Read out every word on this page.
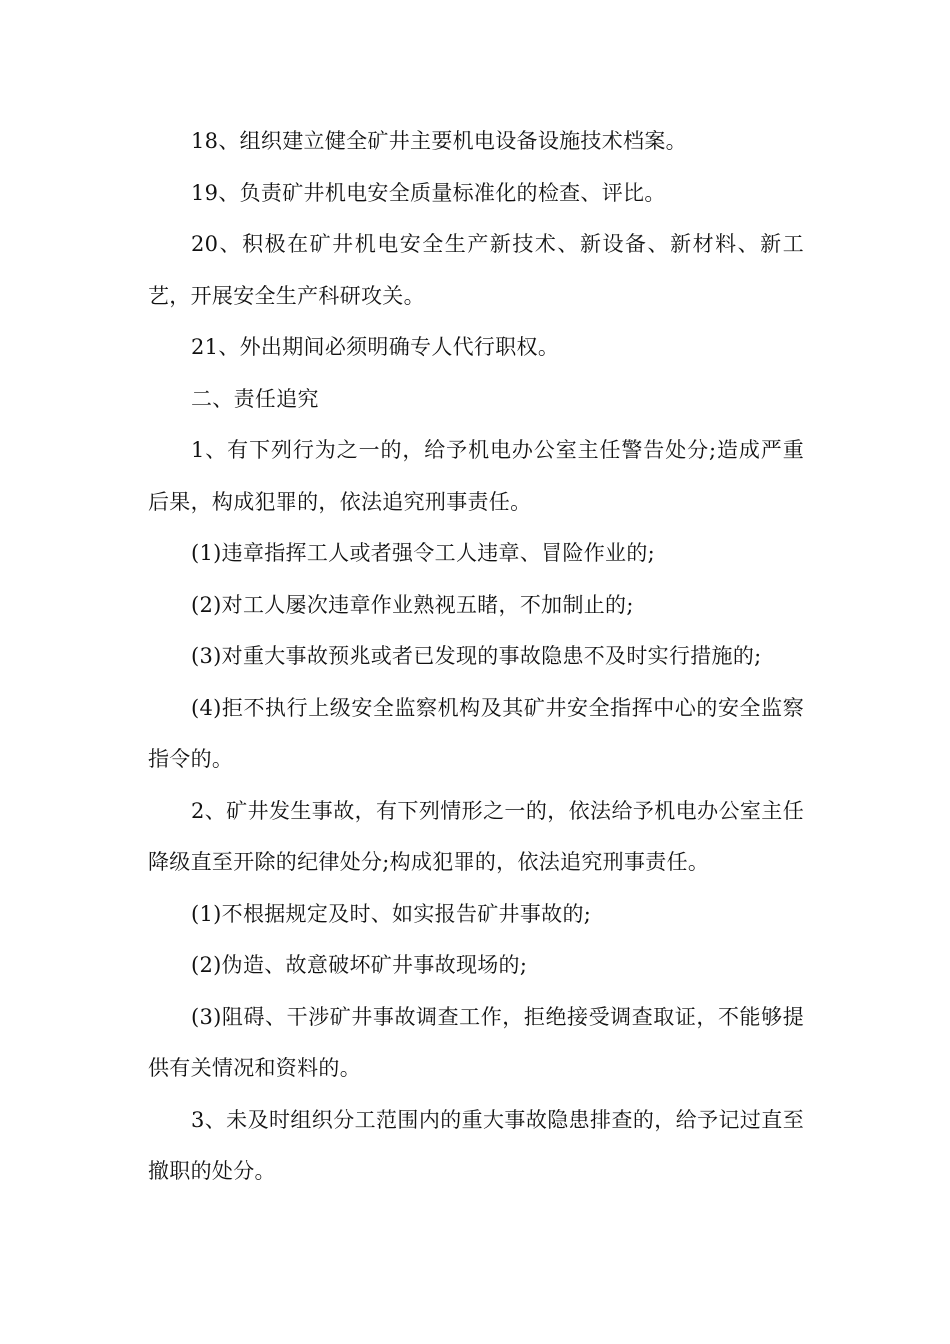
18、组织建立健全矿井主要机电设备设施技术档案。

19、负责矿井机电安全质量标准化的检查、评比。

20、积极在矿井机电安全生产新技术、新设备、新材料、新工艺，开展安全生产科研攻关。

21、外出期间必须明确专人代行职权。

二、责任追究

1、有下列行为之一的，给予机电办公室主任警告处分;造成严重后果，构成犯罪的，依法追究刑事责任。

(1)违章指挥工人或者强令工人违章、冒险作业的;

(2)对工人屡次违章作业熟视五睹，不加制止的;

(3)对重大事故预兆或者已发现的事故隐患不及时实行措施的;

(4)拒不执行上级安全监察机构及其矿井安全指挥中心的安全监察指令的。

2、矿井发生事故，有下列情形之一的，依法给予机电办公室主任降级直至开除的纪律处分;构成犯罪的，依法追究刑事责任。

(1)不根据规定及时、如实报告矿井事故的;

(2)伪造、故意破坏矿井事故现场的;

(3)阻碍、干涉矿井事故调查工作，拒绝接受调查取证，不能够提供有关情况和资料的。

3、未及时组织分工范围内的重大事故隐患排查的，给予记过直至撤职的处分。
